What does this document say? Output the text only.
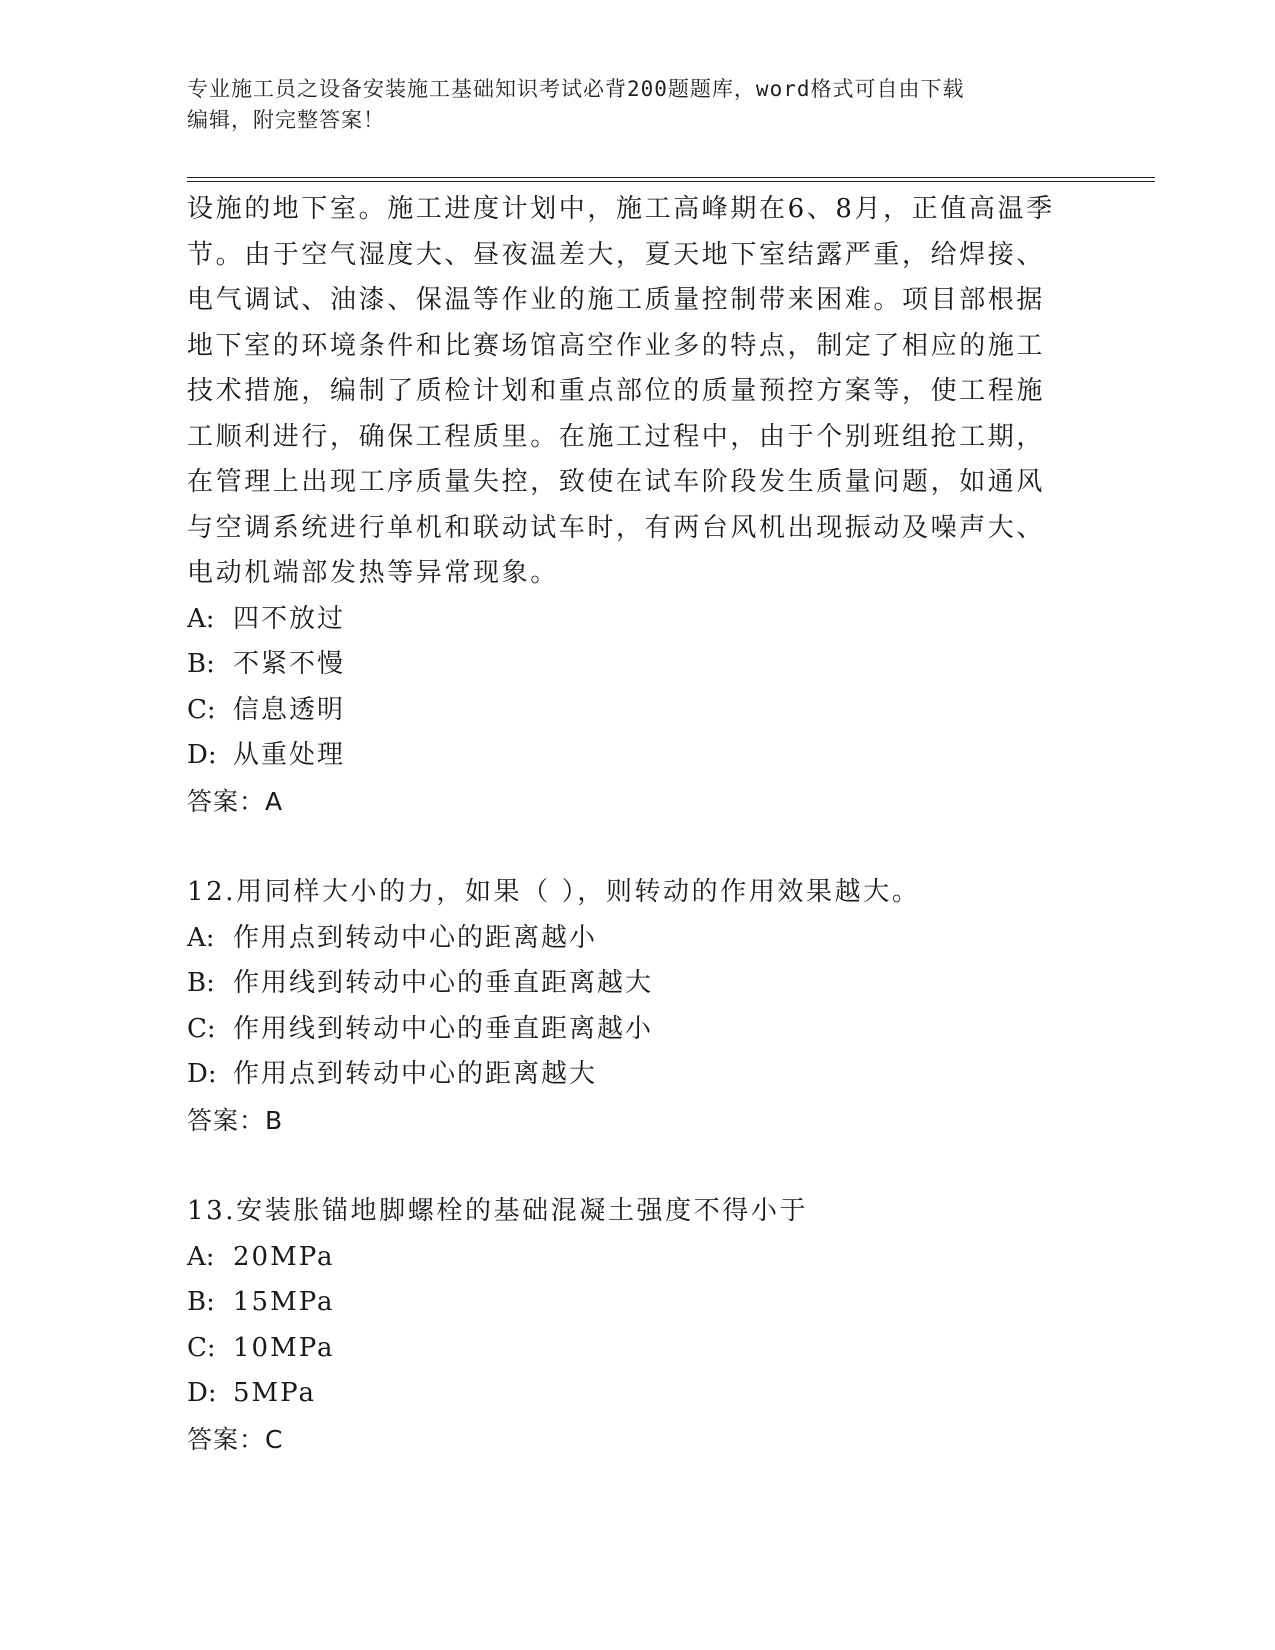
专业施工员之设备安装施工基础知识考试必背200题题库，word格式可自由下载
编辑，附完整答案！
设施的地下室。施工进度计划中，施工高峰期在6、8月，正值高温季
节。由于空气湿度大、昼夜温差大，夏天地下室结露严重，给焊接、
电气调试、油漆、保温等作业的施工质量控制带来困难。项目部根据
地下室的环境条件和比赛场馆高空作业多的特点，制定了相应的施工
技术措施，编制了质检计划和重点部位的质量预控方案等，使工程施
工顺利进行，确保工程质里。在施工过程中，由于个别班组抢工期，
在管理上出现工序质量失控，致使在试车阶段发生质量问题，如通风
与空调系统进行单机和联动试车时，有两台风机出现振动及噪声大、
电动机端部发热等异常现象。
A: 四不放过
B: 不紧不慢
C: 信息透明
D: 从重处理
答案：A
12.用同样大小的力，如果（ ），则转动的作用效果越大。
A: 作用点到转动中心的距离越小
B: 作用线到转动中心的垂直距离越大
C: 作用线到转动中心的垂直距离越小
D: 作用点到转动中心的距离越大
答案：B
13.安装胀锚地脚螺栓的基础混凝土强度不得小于
A: 20MPa
B: 15MPa
C: 10MPa
D: 5MPa
答案：C
